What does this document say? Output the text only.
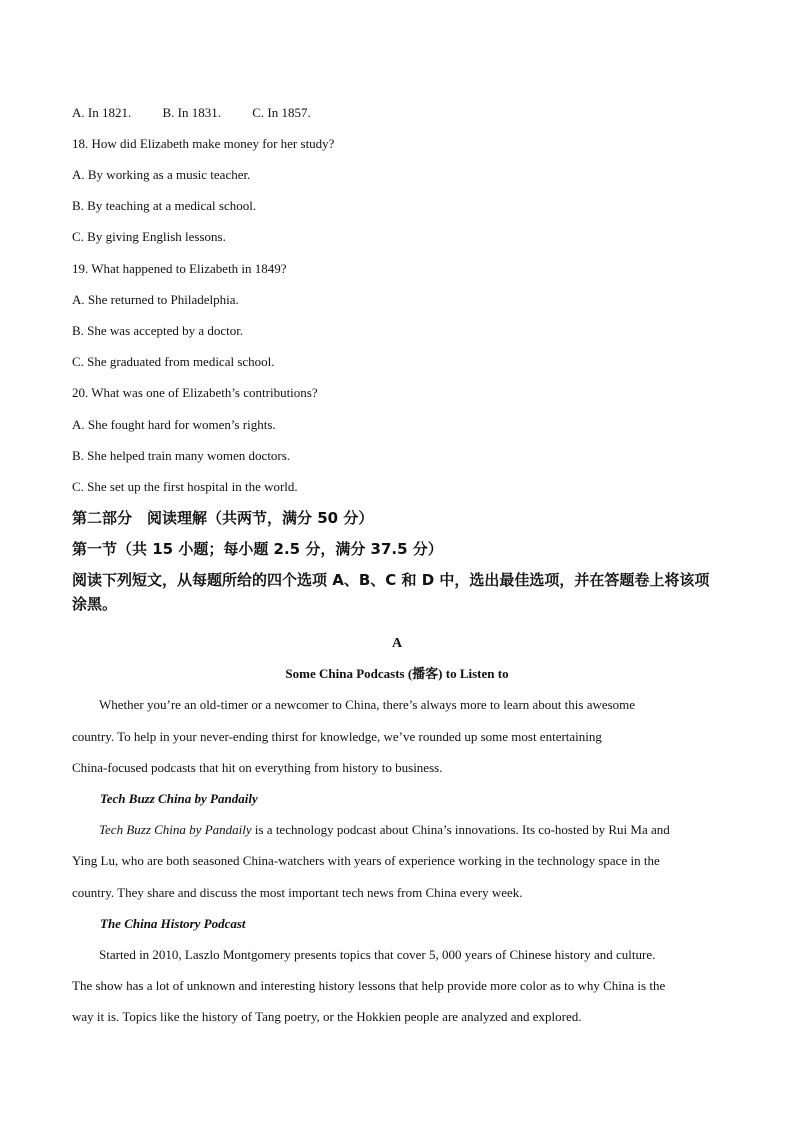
A. In 1821. B. In 1831. C. In 1857.
18. How did Elizabeth make money for her study?
A. By working as a music teacher.
B. By teaching at a medical school.
C. By giving English lessons.
19. What happened to Elizabeth in 1849?
A. She returned to Philadelphia.
B. She was accepted by a doctor.
C. She graduated from medical school.
20. What was one of Elizabeth’s contributions?
A. She fought hard for women’s rights.
B. She helped train many women doctors.
C. She set up the first hospital in the world.
第二部分　阅读理解（共两节，满分 50 分）
第一节（共 15 小题；每小题 2.5 分，满分 37.5 分）
阅读下列短文，从每题所给的四个选项 A、B、C 和 D 中，选出最佳选项，并在答题卷上将该项涂黑。
A
Some China Podcasts (播客) to Listen to
Whether you’re an old-timer or a newcomer to China, there’s always more to learn about this awesome
country. To help in your never-ending thirst for knowledge, we’ve rounded up some most entertaining
China-focused podcasts that hit on everything from history to business.
Tech Buzz China by Pandaily
Tech Buzz China by Pandaily is a technology podcast about China’s innovations. Its co-hosted by Rui Ma and
Ying Lu, who are both seasoned China-watchers with years of experience working in the technology space in the
country. They share and discuss the most important tech news from China every week.
The China History Podcast
Started in 2010, Laszlo Montgomery presents topics that cover 5, 000 years of Chinese history and culture.
The show has a lot of unknown and interesting history lessons that help provide more color as to why China is the
way it is. Topics like the history of Tang poetry, or the Hokkien people are analyzed and explored.
